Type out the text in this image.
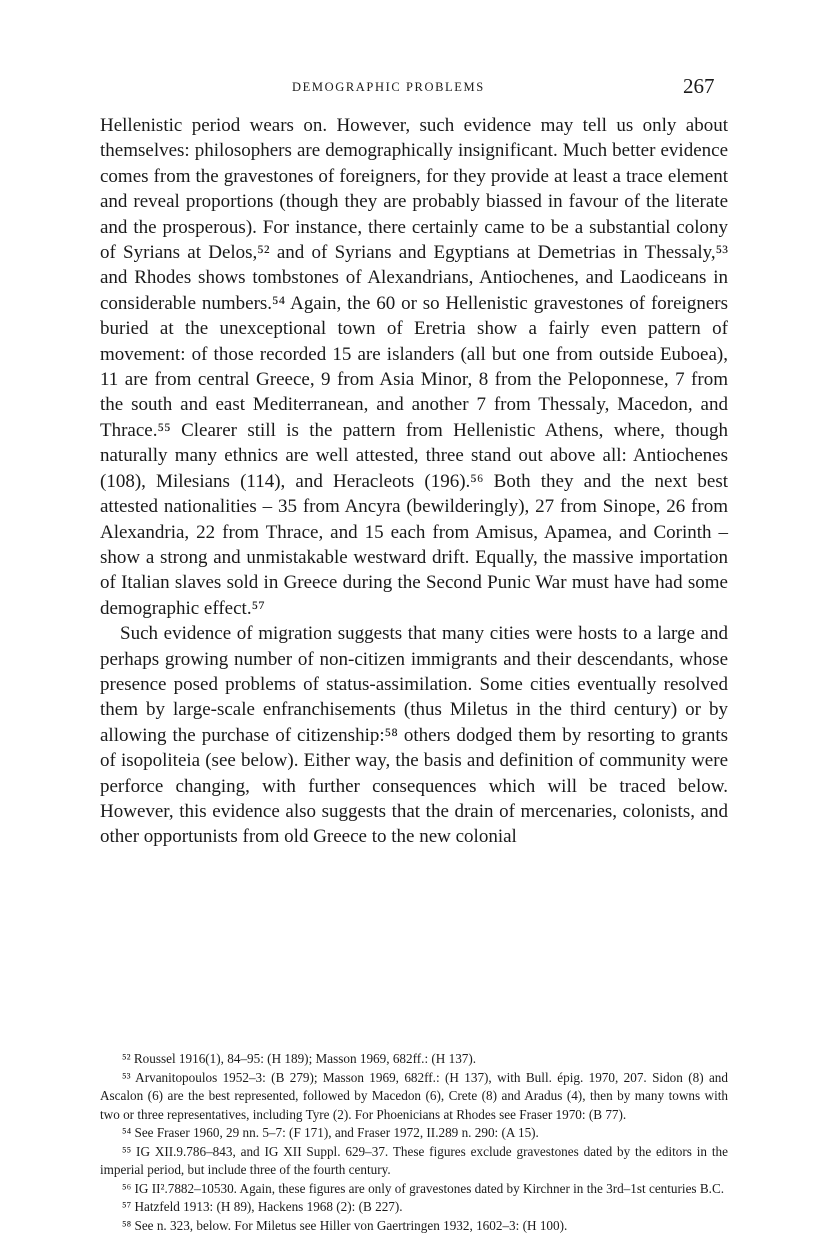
DEMOGRAPHIC PROBLEMS	267

Hellenistic period wears on. However, such evidence may tell us only about themselves: philosophers are demographically insignificant. Much better evidence comes from the gravestones of foreigners, for they provide at least a trace element and reveal proportions (though they are probably biassed in favour of the literate and the prosperous). For instance, there certainly came to be a substantial colony of Syrians at Delos,⁵² and of Syrians and Egyptians at Demetrias in Thessaly,⁵³ and Rhodes shows tombstones of Alexandrians, Antiochenes, and Laodiceans in considerable numbers.⁵⁴ Again, the 60 or so Hellenistic gravestones of foreigners buried at the unexceptional town of Eretria show a fairly even pattern of movement: of those recorded 15 are islanders (all but one from outside Euboea), 11 are from central Greece, 9 from Asia Minor, 8 from the Peloponnese, 7 from the south and east Mediterranean, and another 7 from Thessaly, Macedon, and Thrace.⁵⁵ Clearer still is the pattern from Hellenistic Athens, where, though naturally many ethnics are well attested, three stand out above all: Antiochenes (108), Milesians (114), and Heracleots (196).⁵⁶ Both they and the next best attested nationalities – 35 from Ancyra (bewilderingly), 27 from Sinope, 26 from Alexandria, 22 from Thrace, and 15 each from Amisus, Apamea, and Corinth – show a strong and unmistakable westward drift. Equally, the massive importation of Italian slaves sold in Greece during the Second Punic War must have had some demographic effect.⁵⁷

Such evidence of migration suggests that many cities were hosts to a large and perhaps growing number of non-citizen immigrants and their descendants, whose presence posed problems of status-assimilation. Some cities eventually resolved them by large-scale enfranchisements (thus Miletus in the third century) or by allowing the purchase of citizenship:⁵⁸ others dodged them by resorting to grants of isopoliteia (see below). Either way, the basis and definition of community were perforce changing, with further consequences which will be traced below. However, this evidence also suggests that the drain of mercenaries, colonists, and other opportunists from old Greece to the new colonial

⁵² Roussel 1916(1), 84–95: (H 189); Masson 1969, 682ff.: (H 137).

⁵³ Arvanitopoulos 1952–3: (B 279); Masson 1969, 682ff.: (H 137), with Bull. épig. 1970, 207. Sidon (8) and Ascalon (6) are the best represented, followed by Macedon (6), Crete (8) and Aradus (4), then by many towns with two or three representatives, including Tyre (2). For Phoenicians at Rhodes see Fraser 1970: (B 77).

⁵⁴ See Fraser 1960, 29 nn. 5–7: (F 171), and Fraser 1972, II.289 n. 290: (A 15).

⁵⁵ IG XII.9.786–843, and IG XII Suppl. 629–37. These figures exclude gravestones dated by the editors in the imperial period, but include three of the fourth century.

⁵⁶ IG II².7882–10530. Again, these figures are only of gravestones dated by Kirchner in the 3rd–1st centuries B.C.

⁵⁷ Hatzfeld 1913: (H 89), Hackens 1968 (2): (B 227).

⁵⁸ See n. 323, below. For Miletus see Hiller von Gaertringen 1932, 1602–3: (H 100).
